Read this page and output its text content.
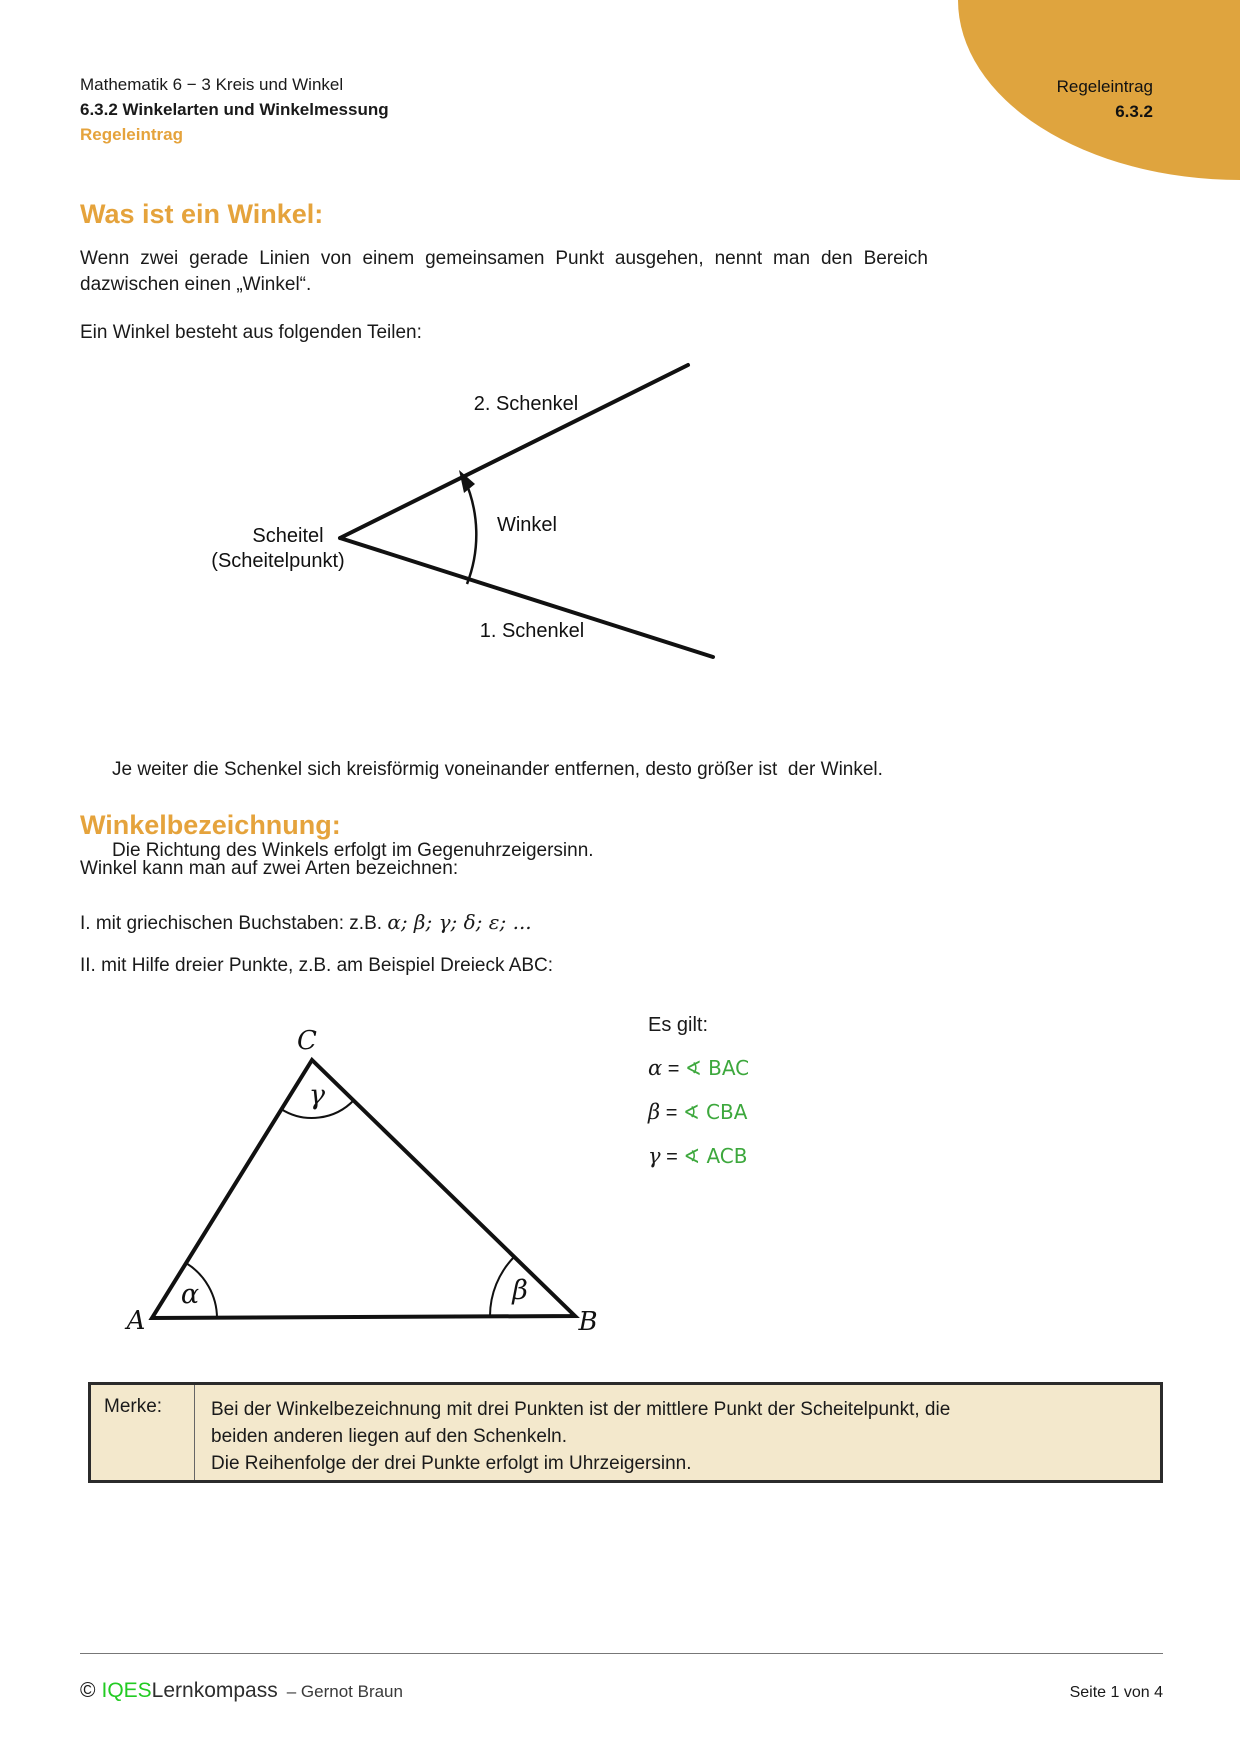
Regeleintrag
6.3.2
Mathematik 6 − 3 Kreis und Winkel
6.3.2 Winkelarten und Winkelmessung
Regeleintrag
Was ist ein Winkel:
Wenn zwei gerade Linien von einem gemeinsamen Punkt ausgehen, nennt man den Bereich
dazwischen einen „Winkel“.
Ein Winkel besteht aus folgenden Teilen:
2. Schenkel
Scheitel
(Scheitelpunkt)
Winkel
1. Schenkel

Je weiter die Schenkel sich kreisförmig voneinander entfernen, desto größer ist  der Winkel.

Die Richtung des Winkels erfolgt im Gegenuhrzeigersinn.

Winkelbezeichnung:
Winkel kann man auf zwei Arten bezeichnen:
I. mit griechischen Buchstaben: z.B. α; β; γ; δ; ε; ...
II. mit Hilfe dreier Punkte, z.B. am Beispiel Dreieck ABC:
A	B
C
α	β
γ
Es gilt:
α = ∢ BAC
β = ∢ CBA
γ = ∢ ACB
Merke:	Bei der Winkelbezeichnung mit drei Punkten ist der mittlere Punkt der Scheitelpunkt, die
beiden anderen liegen auf den Schenkeln.
Die Reihenfolge der drei Punkte erfolgt im Uhrzeigersinn.
© IQES Lernkompass – Gernot Braun	Seite 1 von 4
